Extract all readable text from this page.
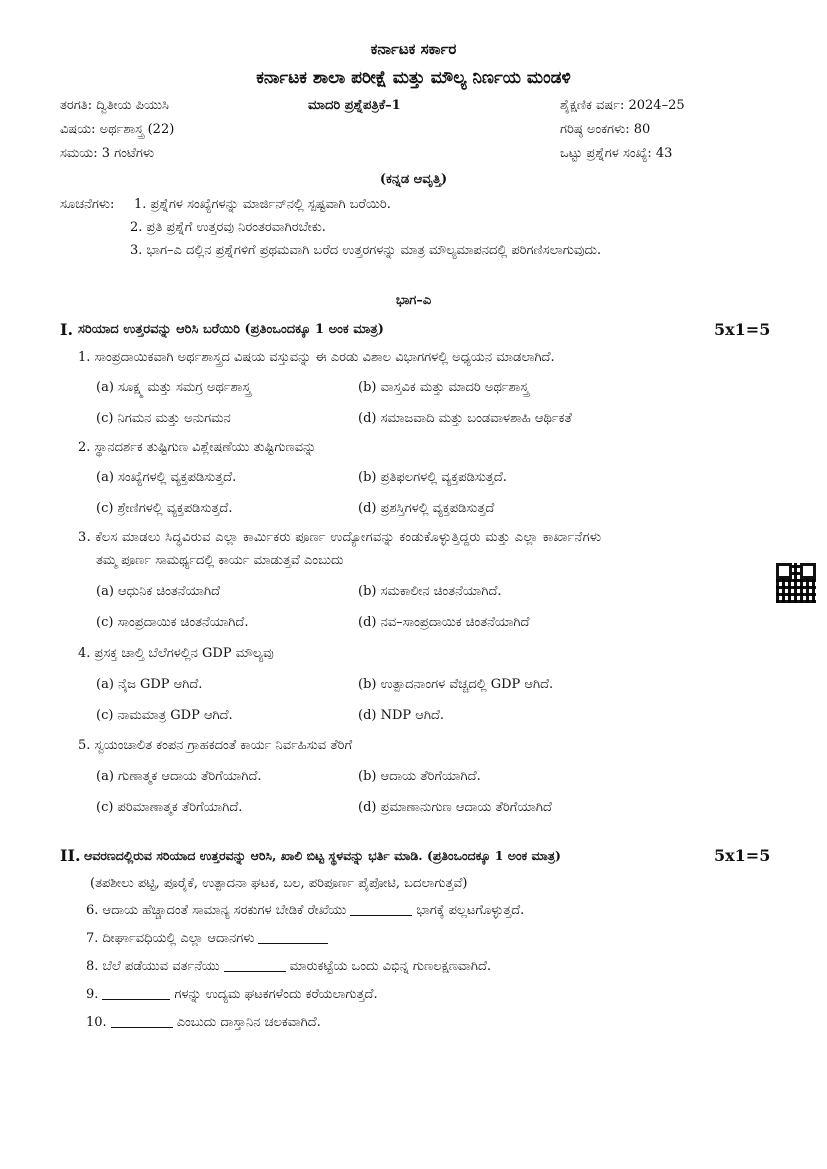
ಕರ್ನಾಟಕ ಸರ್ಕಾರ
ಕರ್ನಾಟಕ ಶಾಲಾ ಪರೀಕ್ಷೆ ಮತ್ತು ಮೌಲ್ಯ ನಿರ್ಣಯ ಮಂಡಳಿ
ತರಗತಿ: ದ್ವಿತೀಯ ಪಿಯುಸಿ	ಮಾದರಿ ಪ್ರಶ್ನೆಪತ್ರಿಕೆ–1	ಶೈಕ್ಷಣಿಕ ವರ್ಷ: 2024–25
ವಿಷಯ: ಅರ್ಥಶಾಸ್ತ್ರ (22)	ಗರಿಷ್ಠ ಅಂಕಗಳು: 80
ಸಮಯ: 3 ಗಂಟೆಗಳು	ಒಟ್ಟು ಪ್ರಶ್ನೆಗಳ ಸಂಖ್ಯೆ: 43
(ಕನ್ನಡ ಆವೃತ್ತಿ)
ಸೂಚನೆಗಳು: 1. ಪ್ರಶ್ನೆಗಳ ಸಂಖ್ಯೆಗಳನ್ನು ಮಾರ್ಜಿನ್‌ನಲ್ಲಿ ಸ್ಪಷ್ಟವಾಗಿ ಬರೆಯಿರಿ.
2. ಪ್ರತಿ ಪ್ರಶ್ನೆಗೆ ಉತ್ತರವು ನಿರಂತರವಾಗಿರಬೇಕು.
3. ಭಾಗ–ಎ ದಲ್ಲಿನ ಪ್ರಶ್ನೆಗಳಿಗೆ ಪ್ರಥಮವಾಗಿ ಬರೆದ ಉತ್ತರಗಳನ್ನು ಮಾತ್ರ ಮೌಲ್ಯಮಾಪನದಲ್ಲಿ ಪರಿಗಣಿಸಲಾಗುವುದು.
ಭಾಗ–ಎ
I. ಸರಿಯಾದ ಉತ್ತರವನ್ನು ಆರಿಸಿ ಬರೆಯಿರಿ (ಪ್ರತಿಂಒಂದಕ್ಕೂ 1 ಅಂಕ ಮಾತ್ರ)	5x1=5
1. ಸಾಂಪ್ರದಾಯಿಕವಾಗಿ ಅರ್ಥಶಾಸ್ತ್ರದ ವಿಷಯ ವಸ್ತುವನ್ನು ಈ ಎರಡು ವಿಶಾಲ ವಿಭಾಗಗಳಲ್ಲಿ ಅಧ್ಯಯನ ಮಾಡಲಾಗಿದೆ.
(a) ಸೂಕ್ಷ್ಮ ಮತ್ತು ಸಮಗ್ರ ಅರ್ಥಶಾಸ್ತ್ರ	(b) ವಾಸ್ತವಿಕ ಮತ್ತು ಮಾದರಿ ಅರ್ಥಶಾಸ್ತ್ರ
(c) ನಿಗಮನ ಮತ್ತು ಅನುಗಮನ	(d) ಸಮಾಜವಾದಿ ಮತ್ತು ಬಂಡವಾಳಶಾಹಿ ಆರ್ಥಿಕತೆ
2. ಸ್ಥಾನದರ್ಶಕ ತುಷ್ಟಿಗುಣ ವಿಶ್ಲೇಷಣೆಯು ತುಷ್ಟಿಗುಣವನ್ನು
(a) ಸಂಖ್ಯೆಗಳಲ್ಲಿ ವ್ಯಕ್ತಪಡಿಸುತ್ತದೆ.	(b) ಪ್ರತಿಫಲಗಳಲ್ಲಿ ವ್ಯಕ್ತಪಡಿಸುತ್ತದೆ.
(c) ಶ್ರೇಣಿಗಳಲ್ಲಿ ವ್ಯಕ್ತಪಡಿಸುತ್ತದೆ.	(d) ಪ್ರಶಸ್ತಿಗಳಲ್ಲಿ ವ್ಯಕ್ತಪಡಿಸುತ್ತದೆ
3. ಕೆಲಸ ಮಾಡಲು ಸಿದ್ಧವಿರುವ ಎಲ್ಲಾ ಕಾರ್ಮಿಕರು ಪೂರ್ಣ ಉದ್ಯೋಗವನ್ನು ಕಂಡುಕೊಳ್ಳುತ್ತಿದ್ದರು ಮತ್ತು ಎಲ್ಲಾ ಕಾರ್ಖಾನೆಗಳು
ತಮ್ಮ ಪೂರ್ಣ ಸಾಮರ್ಥ್ಯದಲ್ಲಿ ಕಾರ್ಯ ಮಾಡುತ್ತವೆ ಎಂಬುದು
(a) ಆಧುನಿಕ ಚಿಂತನೆಯಾಗಿದೆ	(b) ಸಮಕಾಲೀನ ಚಿಂತನೆಯಾಗಿದೆ.
(c) ಸಾಂಪ್ರದಾಯಿಕ ಚಿಂತನೆಯಾಗಿದೆ.	(d) ನವ–ಸಾಂಪ್ರದಾಯಿಕ ಚಿಂತನೆಯಾಗಿದೆ
4. ಪ್ರಸಕ್ತ ಚಾಲ್ತಿ ಬೆಲೆಗಳಲ್ಲಿನ GDP ಮೌಲ್ಯವು
(a) ನೈಜ GDP ಆಗಿದೆ.	(b) ಉತ್ಪಾದನಾಂಗಳ ವೆಚ್ಚದಲ್ಲಿ GDP ಆಗಿದೆ.
(c) ನಾಮಮಾತ್ರ GDP ಆಗಿದೆ.	(d) NDP ಆಗಿದೆ.
5. ಸ್ವಯಂಚಾಲಿತ ಕಂಪನ ಗ್ರಾಹಕದಂತೆ ಕಾರ್ಯ ನಿರ್ವಹಿಸುವ ತೆರಿಗೆ
(a) ಗುಣಾತ್ಮಕ ಆದಾಯ ತೆರಿಗೆಯಾಗಿದೆ.	(b) ಆದಾಯ ತೆರಿಗೆಯಾಗಿದೆ.
(c) ಪರಿಮಾಣಾತ್ಮಕ ತೆರಿಗೆಯಾಗಿದೆ.	(d) ಪ್ರಮಾಣಾನುಗುಣ ಆದಾಯ ತೆರಿಗೆಯಾಗಿದೆ
II. ಆವರಣದಲ್ಲಿರುವ ಸರಿಯಾದ ಉತ್ತರವನ್ನು ಆರಿಸಿ, ಖಾಲಿ ಬಿಟ್ಟ ಸ್ಥಳವನ್ನು ಭರ್ತಿ ಮಾಡಿ. (ಪ್ರತಿಂಒಂದಕ್ಕೂ 1 ಅಂಕ ಮಾತ್ರ)	5x1=5
(ತಪಶೀಲು ಪಟ್ಟಿ, ಪೂರೈಕೆ, ಉತ್ಪಾದನಾ ಘಟಕ, ಬಲ, ಪರಿಪೂರ್ಣ ಪೈಪೋಟಿ, ಬದಲಾಗುತ್ತವೆ)
6. ಆದಾಯ ಹೆಚ್ಚಾದಂತೆ ಸಾಮಾನ್ಯ ಸರಕುಗಳ ಬೇಡಿಕೆ ರೇಖೆಯು	ಭಾಗಕ್ಕೆ ಪಲ್ಲಟಗೊಳ್ಳುತ್ತದೆ.
7. ದೀರ್ಘಾವಧಿಯಲ್ಲಿ ಎಲ್ಲಾ ಆದಾನಗಳು
8. ಬೆಲೆ ಪಡೆಯುವ ವರ್ತನೆಯು	ಮಾರುಕಟ್ಟೆಯ ಒಂದು ವಿಭಿನ್ನ ಗುಣಲಕ್ಷಣವಾಗಿದೆ.
9.	ಗಳನ್ನು ಉದ್ಯಮ ಘಟಕಗಳೆಂದು ಕರೆಯಲಾಗುತ್ತದೆ.
10.	ಎಂಬುದು ದಾಸ್ತಾನಿನ ಚಲಕವಾಗಿದೆ.
